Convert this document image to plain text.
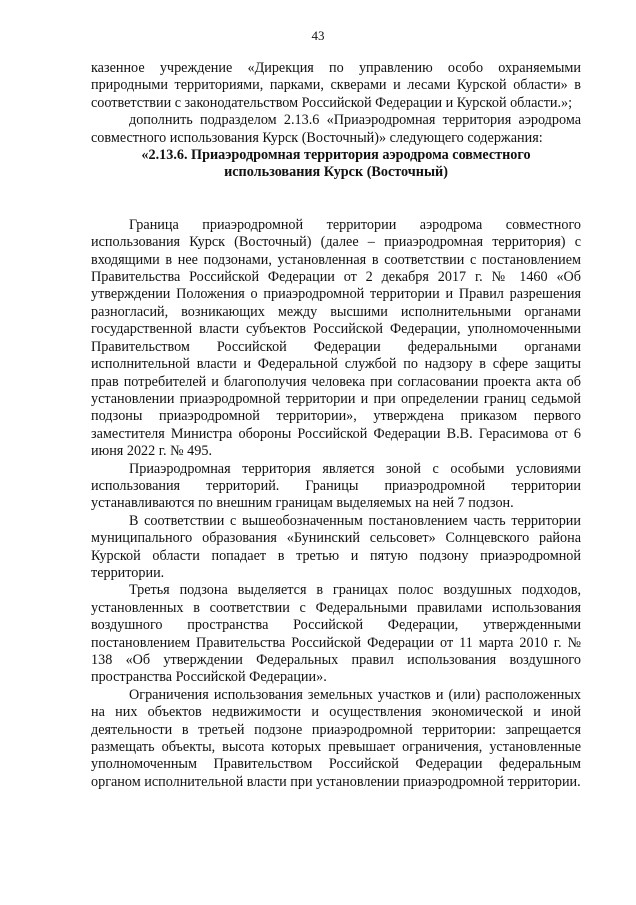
43

казенное учреждение «Дирекция по управлению особо охраняемыми природными территориями, парками, скверами и лесами Курской области» в соответствии с законодательством Российской Федерации и Курской области.»;

дополнить подразделом 2.13.6 «Приаэродромная территория аэродрома совместного использования Курск (Восточный)» следующего содержания:

«2.13.6. Приаэродромная территория аэродрома совместного использования Курск (Восточный)

Граница приаэродромной территории аэродрома совместного использования Курск (Восточный) (далее – приаэродромная территория) с входящими в нее подзонами, установленная в соответствии с постановлением Правительства Российской Федерации от 2 декабря 2017 г. № 1460 «Об утверждении Положения о приаэродромной территории и Правил разрешения разногласий, возникающих между высшими исполнительными органами государственной власти субъектов Российской Федерации, уполномоченными Правительством Российской Федерации федеральными органами исполнительной власти и Федеральной службой по надзору в сфере защиты прав потребителей и благополучия человека при согласовании проекта акта об установлении приаэродромной территории и при определении границ седьмой подзоны приаэродромной территории», утверждена приказом первого заместителя Министра обороны Российской Федерации В.В. Герасимова от 6 июня 2022 г. № 495.

Приаэродромная территория является зоной с особыми условиями использования территорий. Границы приаэродромной территории устанавливаются по внешним границам выделяемых на ней 7 подзон.

В соответствии с вышеобозначенным постановлением часть территории муниципального образования «Бунинский сельсовет» Солнцевского района Курской области попадает в третью и пятую подзону приаэродромной территории.

Третья подзона выделяется в границах полос воздушных подходов, установленных в соответствии с Федеральными правилами использования воздушного пространства Российской Федерации, утвержденными постановлением Правительства Российской Федерации от 11 марта 2010 г. № 138 «Об утверждении Федеральных правил использования воздушного пространства Российской Федерации».

Ограничения использования земельных участков и (или) расположенных на них объектов недвижимости и осуществления экономической и иной деятельности в третьей подзоне приаэродромной территории: запрещается размещать объекты, высота которых превышает ограничения, установленные уполномоченным Правительством Российской Федерации федеральным органом исполнительной власти при установлении приаэродромной территории.
